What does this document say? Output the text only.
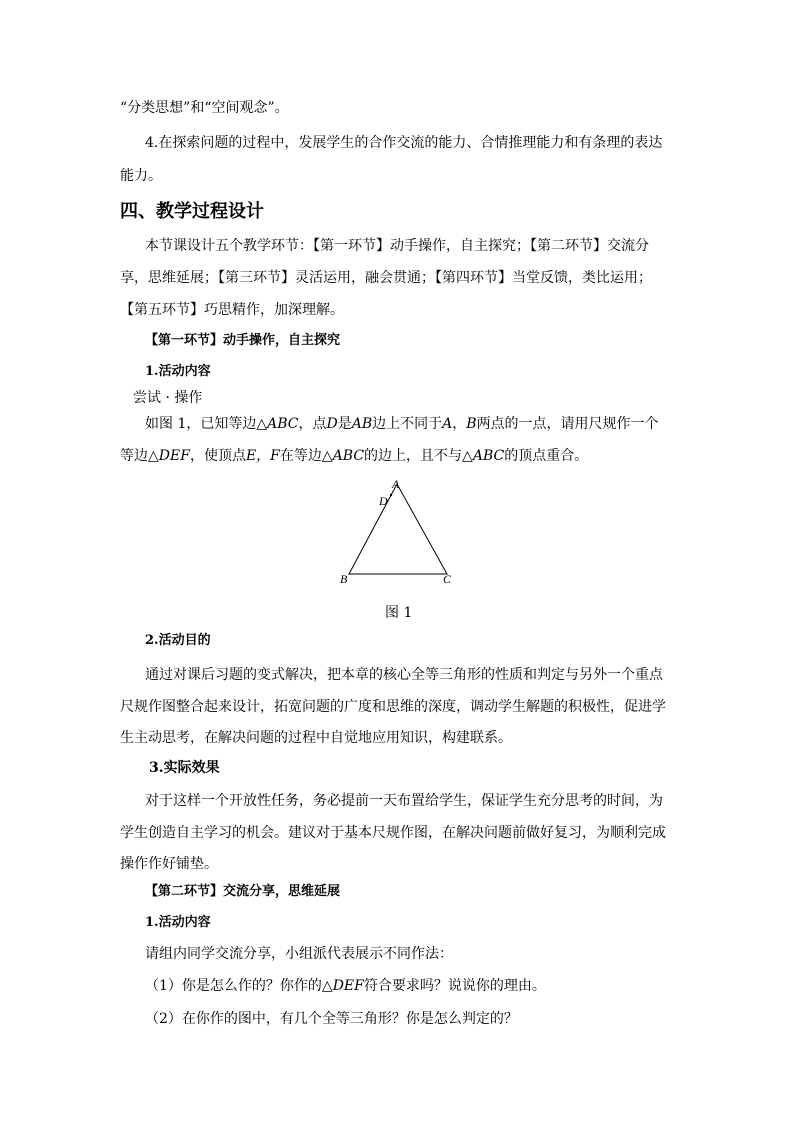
“分类思想”和“空间观念”。
4.在探索问题的过程中，发展学生的合作交流的能力、合情推理能力和有条理的表达
能力。
四、教学过程设计
本节课设计五个教学环节：【第一环节】动手操作，自主探究；【第二环节】交流分
享，思维延展；【第三环节】灵活运用，融会贯通；【第四环节】当堂反馈，类比运用；
【第五环节】巧思精作，加深理解。
【第一环节】动手操作，自主探究
1.活动内容
尝试 · 操作
如图 1，已知等边△ABC，点D是AB边上不同于A，B两点的一点，请用尺规作一个
等边△DEF，使顶点E，F在等边△ABC的边上，且不与△ABC的顶点重合。
A
D
B	C
图 1
2.活动目的
通过对课后习题的变式解决，把本章的核心全等三角形的性质和判定与另外一个重点
尺规作图整合起来设计，拓宽问题的广度和思维的深度，调动学生解题的积极性，促进学
生主动思考，在解决问题的过程中自觉地应用知识，构建联系。
3.实际效果
对于这样一个开放性任务，务必提前一天布置给学生，保证学生充分思考的时间，为
学生创造自主学习的机会。建议对于基本尺规作图，在解决问题前做好复习，为顺利完成
操作作好铺垫。
【第二环节】交流分享，思维延展
1.活动内容
请组内同学交流分享，小组派代表展示不同作法：
（1）你是怎么作的？你作的△DEF符合要求吗？说说你的理由。
（2）在你作的图中，有几个全等三角形？你是怎么判定的？
